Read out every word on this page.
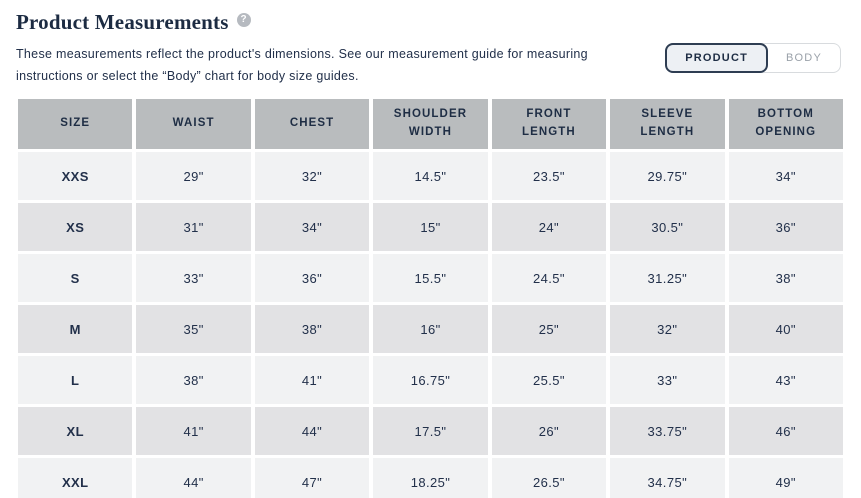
Product Measurements	?
These measurements reflect the product's dimensions. See our measurement guide for measuring instructions or select the “Body” chart for body size guides.
PRODUCT	BODY
SIZE	WAIST	CHEST	SHOULDER WIDTH	FRONT LENGTH	SLEEVE LENGTH	BOTTOM OPENING
XXS	29"	32"	14.5"	23.5"	29.75"	34"
XS	31"	34"	15"	24"	30.5"	36"
S	33"	36"	15.5"	24.5"	31.25"	38"
M	35"	38"	16"	25"	32"	40"
L	38"	41"	16.75"	25.5"	33"	43"
XL	41"	44"	17.5"	26"	33.75"	46"
XXL	44"	47"	18.25"	26.5"	34.75"	49"
